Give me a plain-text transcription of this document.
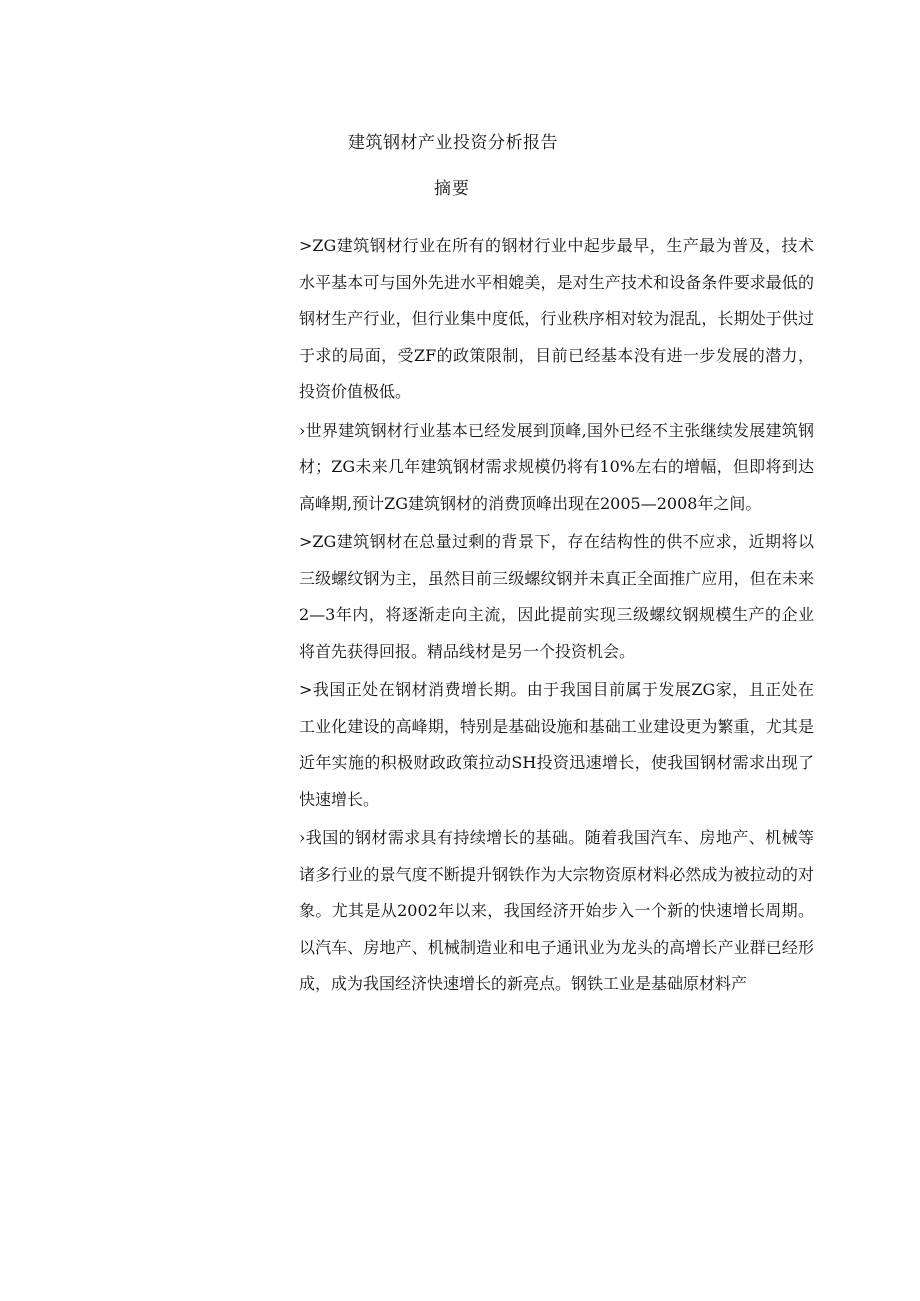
建筑钢材产业投资分析报告
摘要

>ZG建筑钢材行业在所有的钢材行业中起步最早，生产最为普及，技术水平基本可与国外先进水平相媲美，是对生产技术和设备条件要求最低的钢材生产行业，但行业集中度低，行业秩序相对较为混乱，长期处于供过于求的局面，受ZF的政策限制，目前已经基本没有进一步发展的潜力，投资价值极低。

›世界建筑钢材行业基本已经发展到顶峰,国外已经不主张继续发展建筑钢材；ZG未来几年建筑钢材需求规模仍将有10%左右的增幅，但即将到达高峰期,预计ZG建筑钢材的消费顶峰出现在2005—2008年之间。

>ZG建筑钢材在总量过剩的背景下，存在结构性的供不应求，近期将以三级螺纹钢为主，虽然目前三级螺纹钢并未真正全面推广应用，但在未来2—3年内，将逐渐走向主流，因此提前实现三级螺纹钢规模生产的企业将首先获得回报。精品线材是另一个投资机会。

>我国正处在钢材消费增长期。由于我国目前属于发展ZG家，且正处在工业化建设的高峰期，特别是基础设施和基础工业建设更为繁重，尤其是近年实施的积极财政政策拉动SH投资迅速增长，使我国钢材需求出现了快速增长。

›我国的钢材需求具有持续增长的基础。随着我国汽车、房地产、机械等诸多行业的景气度不断提升钢铁作为大宗物资原材料必然成为被拉动的对象。尤其是从2002年以来，我国经济开始步入一个新的快速增长周期。以汽车、房地产、机械制造业和电子通讯业为龙头的高增长产业群已经形成，成为我国经济快速增长的新亮点。钢铁工业是基础原材料产
